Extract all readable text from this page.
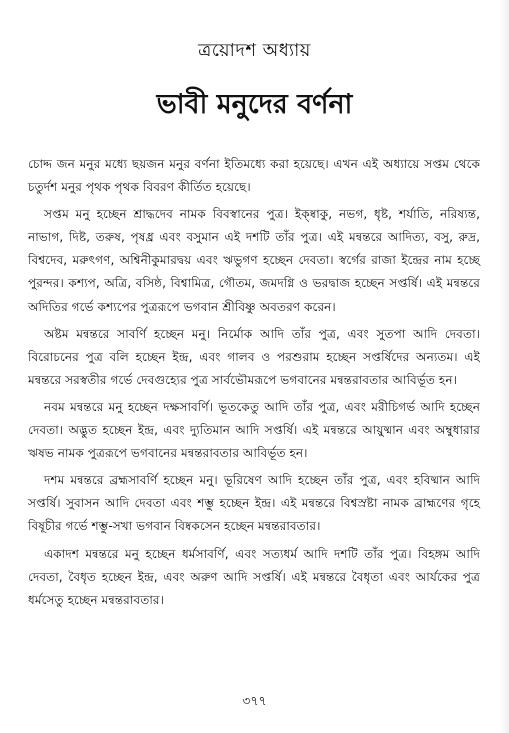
ত্রয়োদশ অধ্যায়
ভাবী মনুদের বর্ণনা

চোদ্দ জন মনুর মধ্যে ছয়জন মনুর বর্ণনা ইতিমধ্যে করা হয়েছে। এখন এই অধ্যায়ে সপ্তম থেকে চতুর্দশ মনুর পৃথক পৃথক বিবরণ কীর্তিত হয়েছে।

সপ্তম মনু হচ্ছেন শ্রাদ্ধদেব নামক বিবস্বানের পুত্র। ইক্ষ্বাকু, নভগ, ধৃষ্ট, শর্যাতি, নরিষ্যন্ত, নাভাগ, দিষ্ট, তরুষ, পৃষধ্র এবং বসুমান এই দশটি তাঁর পুত্র। এই মন্বন্তরে আদিত্য, বসু, রুদ্র, বিশ্বদেব, মরুৎগণ, অশ্বিনীকুমারদ্বয় এবং ঋভুগণ হচ্ছেন দেবতা। স্বর্গের রাজা ইন্দ্রের নাম হচ্ছে পুরন্দর। কশ্যপ, অত্রি, বসিষ্ঠ, বিশ্বামিত্র, গৌতম, জমদগ্নি ও ভরদ্বাজ হচ্ছেন সপ্তর্ষি। এই মন্বন্তরে অদিতির গর্ভে কশ্যপের পুত্ররূপে ভগবান শ্রীবিষ্ণু অবতরণ করেন।

অষ্টম মন্বন্তরে সাবর্ণি হচ্ছেন মনু। নির্মোক আদি তাঁর পুত্র, এবং সুতপা আদি দেবতা। বিরোচনের পুত্র বলি হচ্ছেন ইন্দ্র, এবং গালব ও পরশুরাম হচ্ছেন সপ্তর্ষিদের অন্যতম। এই মন্বন্তরে সরস্বতীর গর্ভে দেবগুহ্যের পুত্র সার্বভৌমরূপে ভগবানের মন্বন্তরাবতার আবির্ভূত হন।

নবম মন্বন্তরে মনু হচ্ছেন দক্ষসাবর্ণি। ভূতকেতু আদি তাঁর পুত্র, এবং মরীচিগর্ভ আদি হচ্ছেন দেবতা। অদ্ভুত হচ্ছেন ইন্দ্র, এবং দ্যুতিমান আদি সপ্তর্ষি। এই মন্বন্তরে আয়ুষ্মান এবং অম্বুধারার ঋষভ নামক পুত্ররূপে ভগবানের মন্বন্তরাবতার আবির্ভূত হন।

দশম মন্বন্তরে ব্রহ্মসাবর্ণি হচ্ছেন মনু। ভূরিষেণ আদি হচ্ছেন তাঁর পুত্র, এবং হবিষ্মান আদি সপ্তর্ষি। সুবাসন আদি দেবতা এবং শম্ভু হচ্ছেন ইন্দ্র। এই মন্বন্তরে বিশ্বস্রষ্টা নামক ব্রাহ্মণের গৃহে বিষূচীর গর্ভে শম্ভু-সখা ভগবান বিষ্বকসেন হচ্ছেন মন্বন্তরাবতার।

একাদশ মন্বন্তরে মনু হচ্ছেন ধর্মসাবর্ণি, এবং সত্যধর্ম আদি দশটি তাঁর পুত্র। বিহঙ্গম আদি দেবতা, বৈধৃত হচ্ছেন ইন্দ্র, এবং অরুণ আদি সপ্তর্ষি। এই মন্বন্তরে বৈধৃতা এবং আর্যকের পুত্র ধর্মসেতু হচ্ছেন মন্বন্তরাবতার।

৩৭৭
